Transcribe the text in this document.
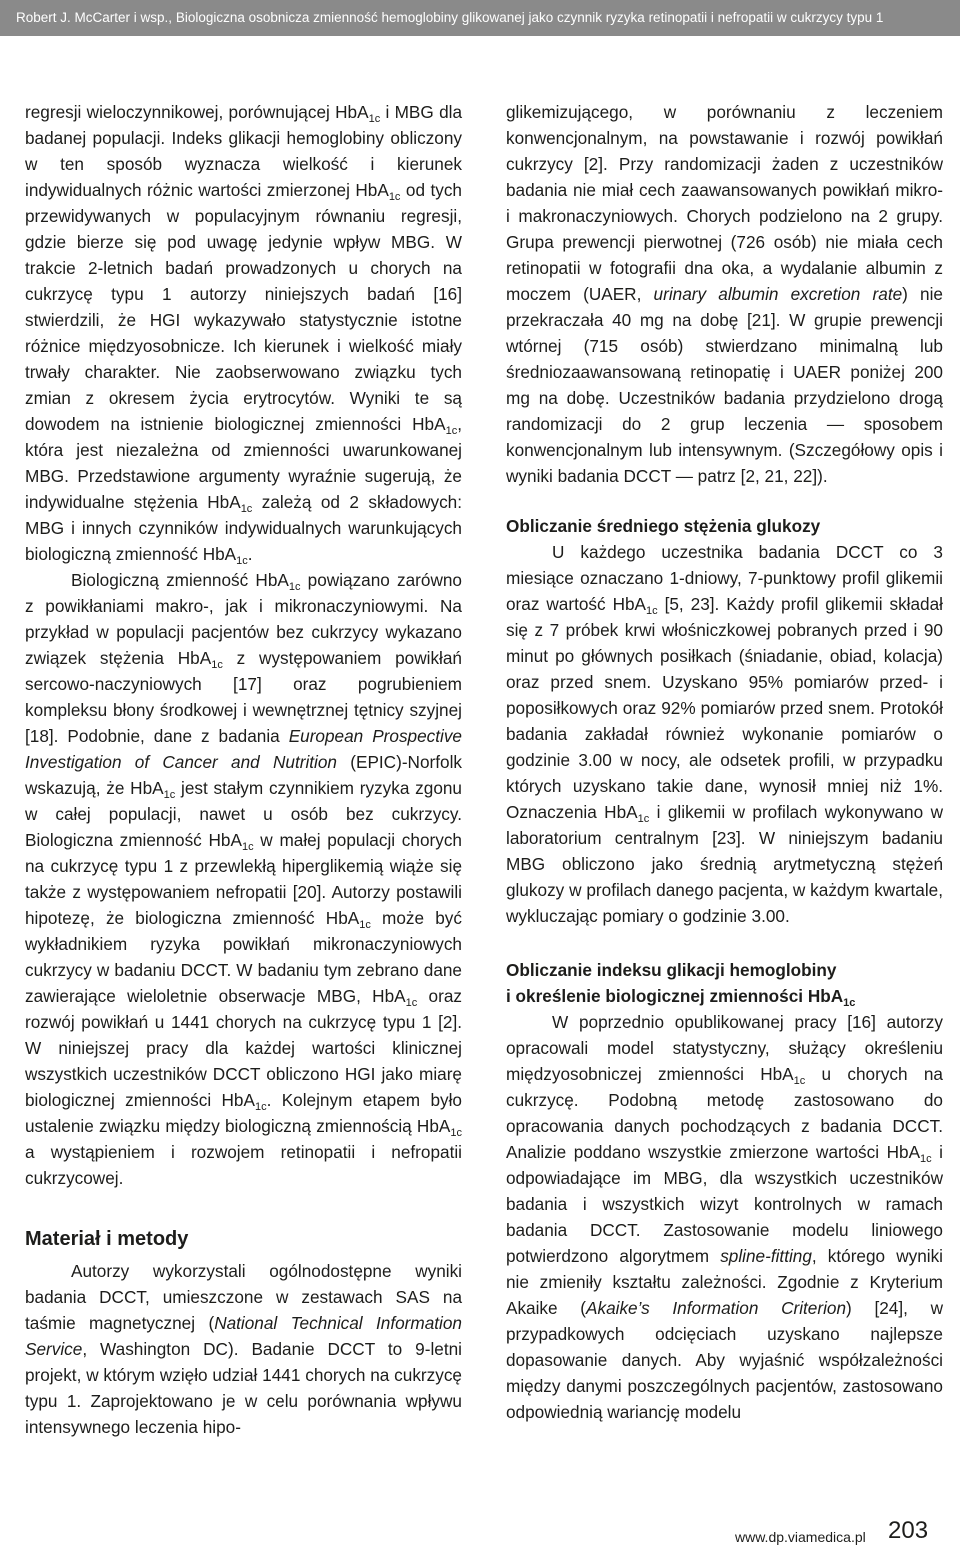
Robert J. McCarter i wsp., Biologiczna osobnicza zmienność hemoglobiny glikowanej jako czynnik ryzyka retinopatii i nefropatii w cukrzycy typu 1

regresji wieloczynnikowej, porównującej HbA$_{1c}$ i MBG dla badanej populacji. Indeks glikacji hemoglobiny obliczony w ten sposób wyznacza wielkość i kierunek indywidualnych różnic wartości zmierzonej HbA$_{1c}$ od tych przewidywanych w populacyjnym równaniu regresji, gdzie bierze się pod uwagę jedynie wpływ MBG. W trakcie 2-letnich badań prowadzonych u chorych na cukrzycę typu 1 autorzy niniejszych badań [16] stwierdzili, że HGI wykazywało statystycznie istotne różnice międzyosobnicze. Ich kierunek i wielkość miały trwały charakter. Nie zaobserwowano związku tych zmian z okresem życia erytrocytów. Wyniki te są dowodem na istnienie biologicznej zmienności HbA$_{1c}$, która jest niezależna od zmienności uwarunkowanej MBG. Przedstawione argumenty wyraźnie sugerują, że indywidualne stężenia HbA$_{1c}$ zależą od 2 składowych: MBG i innych czynników indywidualnych warunkujących biologiczną zmienność HbA$_{1c}$.

Biologiczną zmienność HbA$_{1c}$ powiązano zarówno z powikłaniami makro-, jak i mikronaczyniowymi. Na przykład w populacji pacjentów bez cukrzycy wykazano związek stężenia HbA$_{1c}$ z występowaniem powikłań sercowo-naczyniowych [17] oraz pogrubieniem kompleksu błony środkowej i wewnętrznej tętnicy szyjnej [18]. Podobnie, dane z badania European Prospective Investigation of Cancer and Nutrition (EPIC)-Norfolk wskazują, że HbA$_{1c}$ jest stałym czynnikiem ryzyka zgonu w całej populacji, nawet u osób bez cukrzycy. Biologiczna zmienność HbA$_{1c}$ w małej populacji chorych na cukrzycę typu 1 z przewlekłą hiperglikemią wiąże się także z występowaniem nefropatii [20]. Autorzy postawili hipotezę, że biologiczna zmienność HbA$_{1c}$ może być wykładnikiem ryzyka powikłań mikronaczyniowych cukrzycy w badaniu DCCT. W badaniu tym zebrano dane zawierające wieloletnie obserwacje MBG, HbA$_{1c}$ oraz rozwój powikłań u 1441 chorych na cukrzycę typu 1 [2]. W niniejszej pracy dla każdej wartości klinicznej wszystkich uczestników DCCT obliczono HGI jako miarę biologicznej zmienności HbA$_{1c}$. Kolejnym etapem było ustalenie związku między biologiczną zmiennością HbA$_{1c}$ a wystąpieniem i rozwojem retinopatii i nefropatii cukrzycowej.

Materiał i metody

Autorzy wykorzystali ogólnodostępne wyniki badania DCCT, umieszczone w zestawach SAS na taśmie magnetycznej (National Technical Information Service, Washington DC). Badanie DCCT to 9-letni projekt, w którym wzięło udział 1441 chorych na cukrzycę typu 1. Zaprojektowano je w celu porównania wpływu intensywnego leczenia hipo-

glikemizującego, w porównaniu z leczeniem konwencjonalnym, na powstawanie i rozwój powikłań cukrzycy [2]. Przy randomizacji żaden z uczestników badania nie miał cech zaawansowanych powikłań mikro- i makronaczyniowych. Chorych podzielono na 2 grupy. Grupa prewencji pierwotnej (726 osób) nie miała cech retinopatii w fotografii dna oka, a wydalanie albumin z moczem (UAER, urinary albumin excretion rate) nie przekraczała 40 mg na dobę [21]. W grupie prewencji wtórnej (715 osób) stwierdzano minimalną lub średniozaawansowaną retinopatię i UAER poniżej 200 mg na dobę. Uczestników badania przydzielono drogą randomizacji do 2 grup leczenia — sposobem konwencjonalnym lub intensywnym. (Szczegółowy opis i wyniki badania DCCT — patrz [2, 21, 22]).

Obliczanie średniego stężenia glukozy

U każdego uczestnika badania DCCT co 3 miesiące oznaczano 1-dniowy, 7-punktowy profil glikemii oraz wartość HbA$_{1c}$ [5, 23]. Każdy profil glikemii składał się z 7 próbek krwi włośniczkowej pobranych przed i 90 minut po głównych posiłkach (śniadanie, obiad, kolacja) oraz przed snem. Uzyskano 95% pomiarów przed- i poposiłkowych oraz 92% pomiarów przed snem. Protokół badania zakładał również wykonanie pomiarów o godzinie 3.00 w nocy, ale odsetek profili, w przypadku których uzyskano takie dane, wynosił mniej niż 1%. Oznaczenia HbA$_{1c}$ i glikemii w profilach wykonywano w laboratorium centralnym [23]. W niniejszym badaniu MBG obliczono jako średnią arytmetyczną stężeń glukozy w profilach danego pacjenta, w każdym kwartale, wykluczając pomiary o godzinie 3.00.

Obliczanie indeksu glikacji hemoglobiny
i określenie biologicznej zmienności HbA$_{1c}$

W poprzednio opublikowanej pracy [16] autorzy opracowali model statystyczny, służący określeniu międzyosobniczej zmienności HbA$_{1c}$ u chorych na cukrzycę. Podobną metodę zastosowano do opracowania danych pochodzących z badania DCCT. Analizie poddano wszystkie zmierzone wartości HbA$_{1c}$ i odpowiadające im MBG, dla wszystkich uczestników badania i wszystkich wizyt kontrolnych w ramach badania DCCT. Zastosowanie modelu liniowego potwierdzono algorytmem spline-fitting, którego wyniki nie zmieniły kształtu zależności. Zgodnie z Kryterium Akaike (Akaike’s Information Criterion) [24], w przypadkowych odcięciach uzyskano najlepsze dopasowanie danych. Aby wyjaśnić współzależności między danymi poszczególnych pacjentów, zastosowano odpowiednią wariancję modelu

www.dp.viamedica.pl 203
